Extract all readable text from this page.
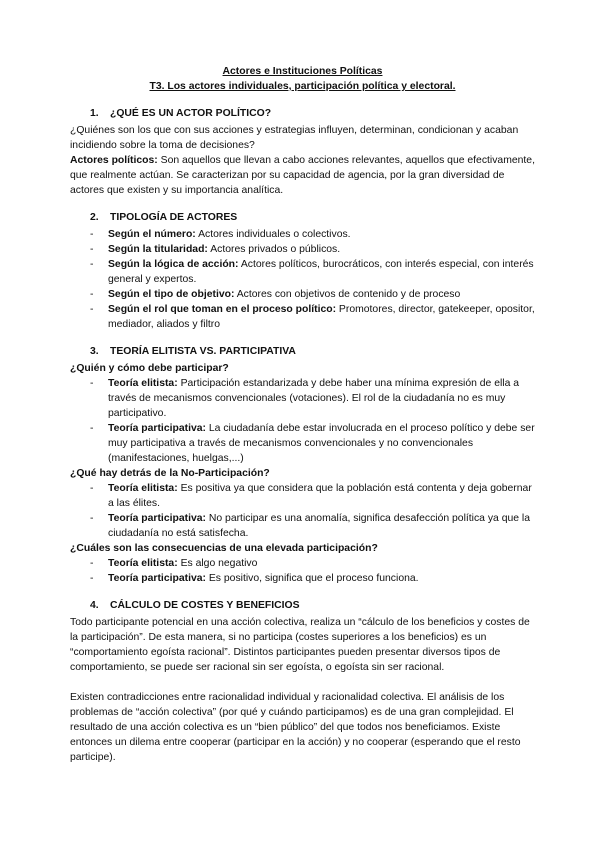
Actores e Instituciones Políticas
T3. Los actores individuales, participación política y electoral.
1. ¿QUÉ ES UN ACTOR POLÍTICO?

¿Quiénes son los que con sus acciones y estrategias influyen, determinan, condicionan y acaban incidiendo sobre la toma de decisiones?

Actores políticos: Son aquellos que llevan a cabo acciones relevantes, aquellos que efectivamente, que realmente actúan. Se caracterizan por su capacidad de agencia, por la gran diversidad de actores que existen y su importancia analítica.

2. TIPOLOGÍA DE ACTORES
- Según el número: Actores individuales o colectivos.
- Según la titularidad: Actores privados o públicos.
- Según la lógica de acción: Actores políticos, burocráticos, con interés especial, con interés general y expertos.
- Según el tipo de objetivo: Actores con objetivos de contenido y de proceso
- Según el rol que toman en el proceso político: Promotores, director, gatekeeper, opositor, mediador, aliados y filtro
3. TEORÍA ELITISTA VS. PARTICIPATIVA

¿Quién y cómo debe participar?

- Teoría elitista: Participación estandarizada y debe haber una mínima expresión de ella a través de mecanismos convencionales (votaciones). El rol de la ciudadanía no es muy participativo.
- Teoría participativa: La ciudadanía debe estar involucrada en el proceso político y debe ser muy participativa a través de mecanismos convencionales y no convencionales (manifestaciones, huelgas,...)

¿Qué hay detrás de la No-Participación?

- Teoría elitista: Es positiva ya que considera que la población está contenta y deja gobernar a las élites.
- Teoría participativa: No participar es una anomalía, significa desafección política ya que la ciudadanía no está satisfecha.

¿Cuáles son las consecuencias de una elevada participación?

- Teoría elitista: Es algo negativo
- Teoría participativa: Es positivo, significa que el proceso funciona.
4. CÁLCULO DE COSTES Y BENEFICIOS

Todo participante potencial en una acción colectiva, realiza un “cálculo de los beneficios y costes de la participación”. De esta manera, si no participa (costes superiores a los beneficios) es un “comportamiento egoísta racional”. Distintos participantes pueden presentar diversos tipos de comportamiento, se puede ser racional sin ser egoísta, o egoísta sin ser racional.

Existen contradicciones entre racionalidad individual y racionalidad colectiva. El análisis de los problemas de “acción colectiva” (por qué y cuándo participamos) es de una gran complejidad. El resultado de una acción colectiva es un “bien público” del que todos nos beneficiamos. Existe entonces un dilema entre cooperar (participar en la acción) y no cooperar (esperando que el resto participe).
